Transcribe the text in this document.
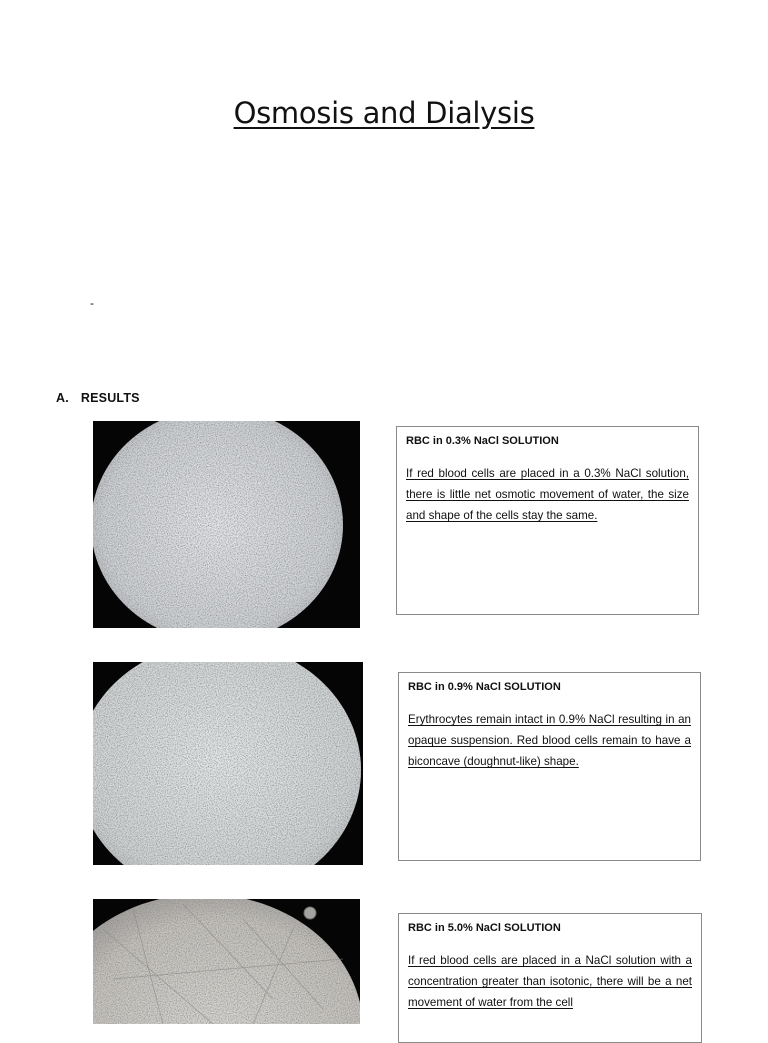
Osmosis and Dialysis
-
A. RESULTS

RBC in 0.3% NaCl SOLUTION

If red blood cells are placed in a 0.3% NaCl solution, there is little net osmotic movement of water, the size and shape of the cells stay the same.

RBC in 0.9% NaCl SOLUTION

Erythrocytes remain intact in 0.9% NaCl resulting in an opaque suspension. Red blood cells remain to have a biconcave (doughnut-like) shape.

RBC in 5.0% NaCl SOLUTION

If red blood cells are placed in a NaCl solution with a concentration greater than isotonic, there will be a net movement of water from the cell
